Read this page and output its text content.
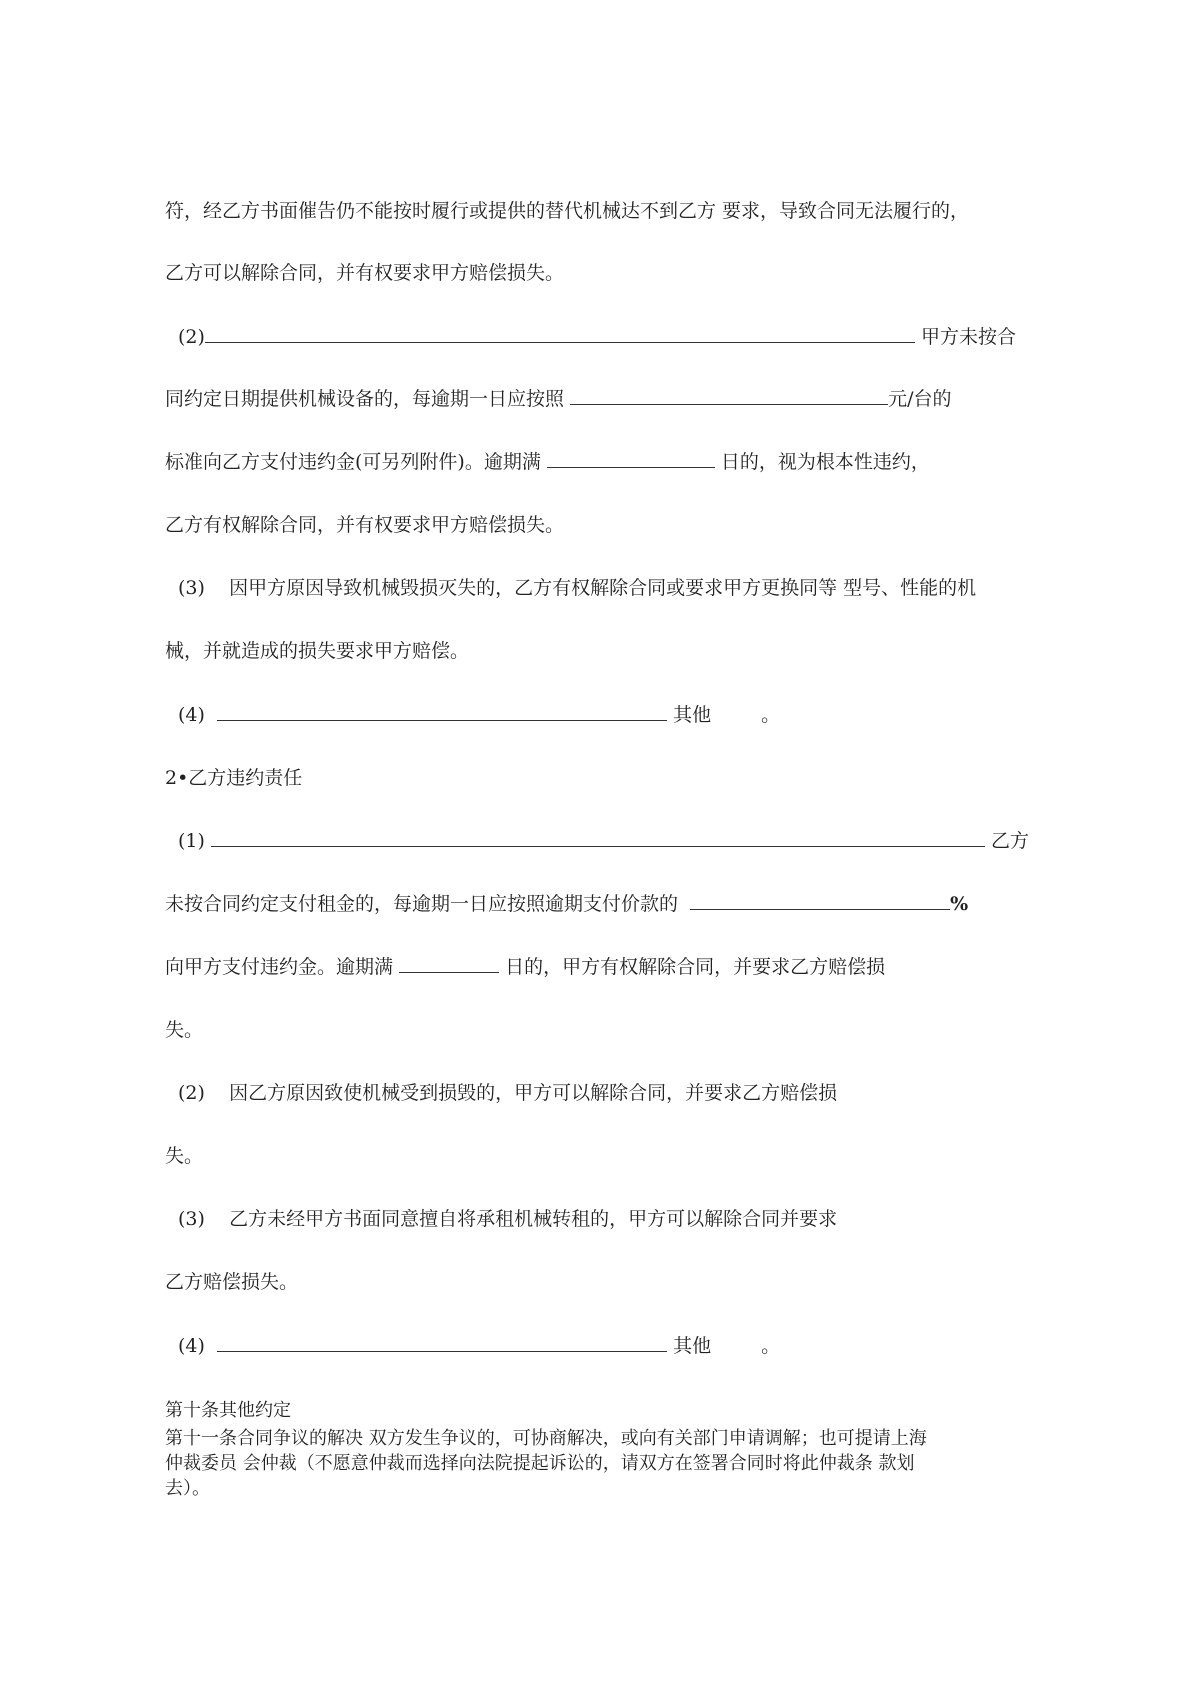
符，经乙方书面催告仍不能按时履行或提供的替代机械达不到乙方 要求，导致合同无法履行的，
乙方可以解除合同，并有权要求甲方赔偿损失。
(2)	甲方未按合
同约定日期提供机械设备的，每逾期一日应按照	元/台的
标准向乙方支付违约金(可另列附件)。逾期满	日的，视为根本性违约，
乙方有权解除合同，并有权要求甲方赔偿损失。
(3) 因甲方原因导致机械毁损灭失的，乙方有权解除合同或要求甲方更换同等 型号、性能的机
械，并就造成的损失要求甲方赔偿。
(4)	其他	。
2•乙方违约责任
(1)	乙方
未按合同约定支付租金的，每逾期一日应按照逾期支付价款的	%
向甲方支付违约金。逾期满	日的，甲方有权解除合同，并要求乙方赔偿损
失。
(2) 因乙方原因致使机械受到损毁的，甲方可以解除合同，并要求乙方赔偿损
失。
(3) 乙方未经甲方书面同意擅自将承租机械转租的，甲方可以解除合同并要求
乙方赔偿损失。
(4)	其他	。
第十条其他约定
第十一条合同争议的解决 双方发生争议的，可协商解决，或向有关部门申请调解；也可提请上海
仲裁委员 会仲裁（不愿意仲裁而选择向法院提起诉讼的，请双方在签署合同时将此仲裁条 款划
去）。
